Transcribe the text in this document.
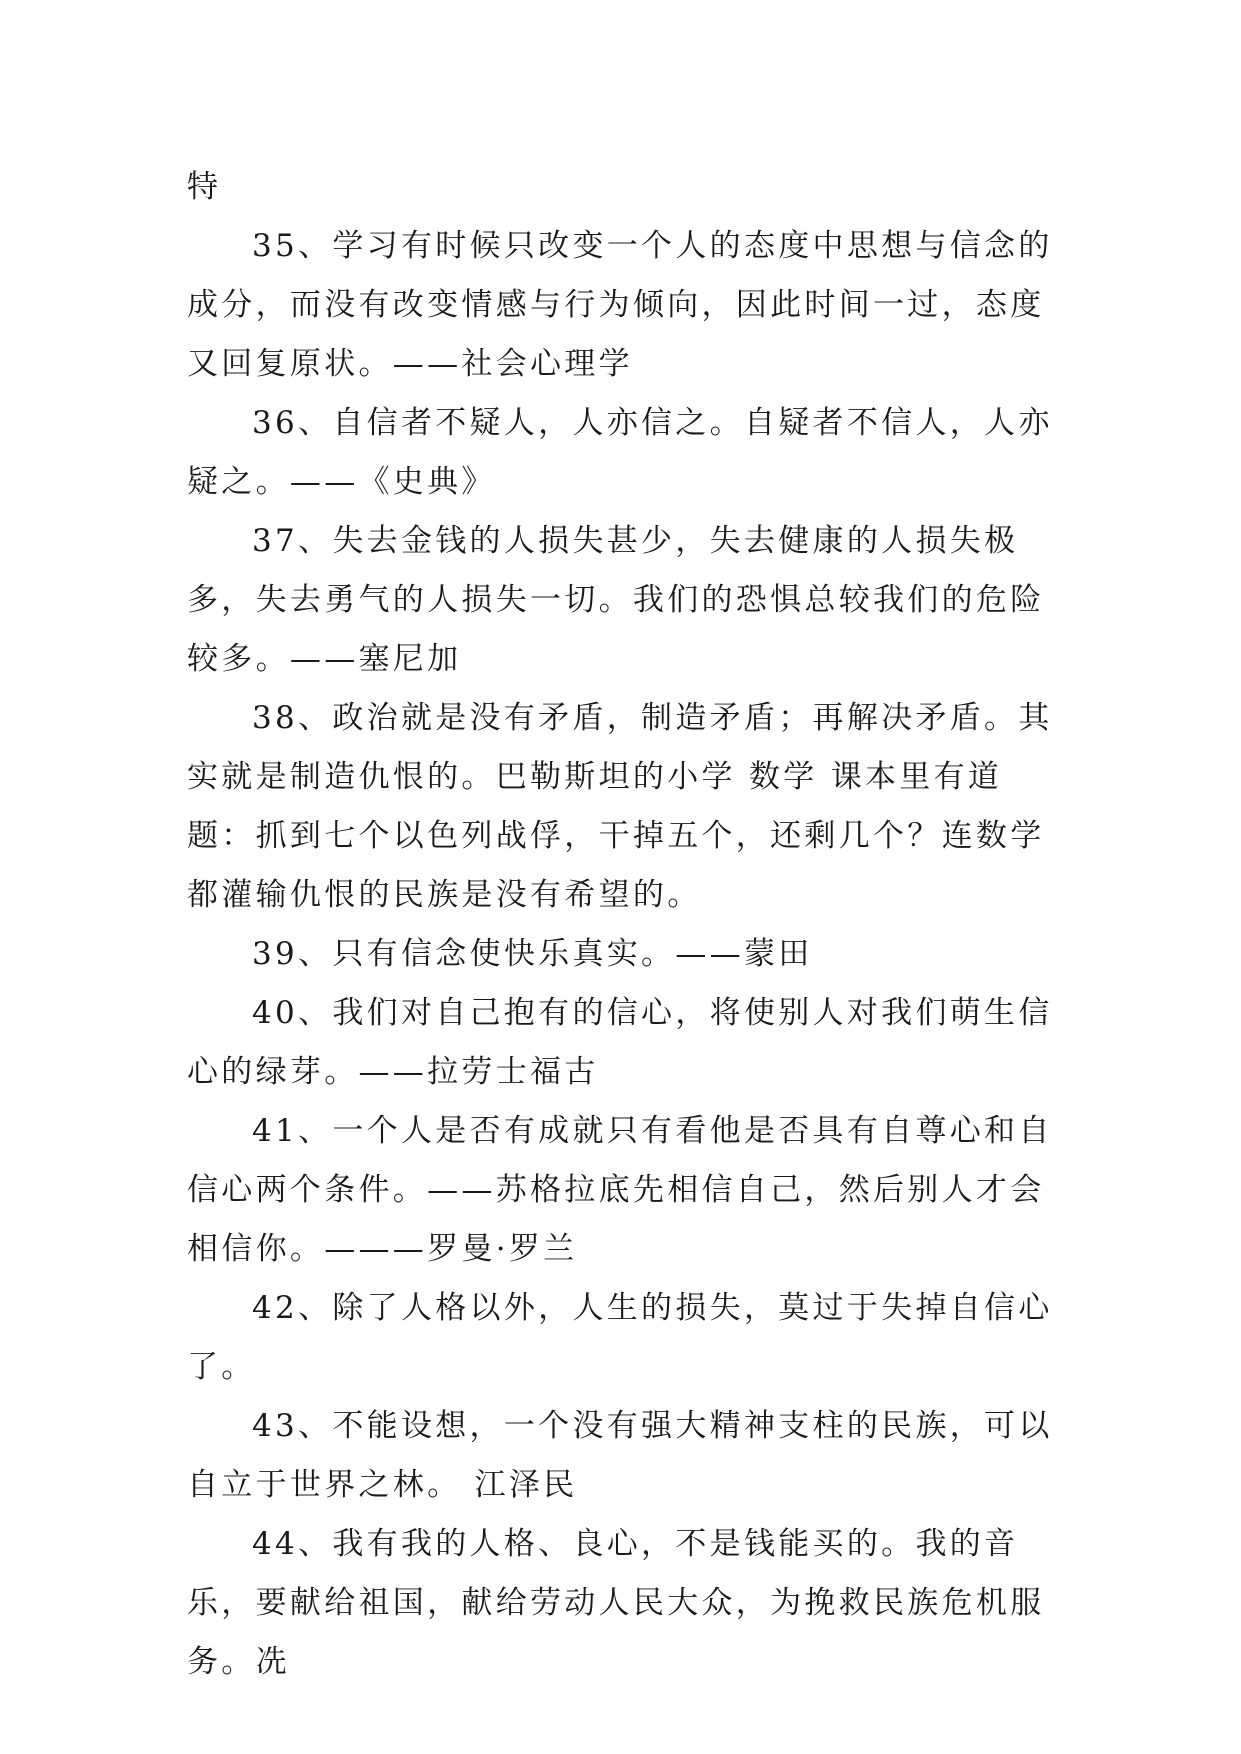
特

35、学习有时候只改变一个人的态度中思想与信念的成分，而没有改变情感与行为倾向，因此时间一过，态度又回复原状。——社会心理学

36、自信者不疑人，人亦信之。自疑者不信人，人亦疑之。——《史典》

37、失去金钱的人损失甚少，失去健康的人损失极多，失去勇气的人损失一切。我们的恐惧总较我们的危险较多。——塞尼加

38、政治就是没有矛盾，制造矛盾；再解决矛盾。其实就是制造仇恨的。巴勒斯坦的小学 数学 课本里有道题：抓到七个以色列战俘，干掉五个，还剩几个？连数学都灌输仇恨的民族是没有希望的。

39、只有信念使快乐真实。——蒙田

40、我们对自己抱有的信心，将使别人对我们萌生信心的绿芽。——拉劳士福古

41、一个人是否有成就只有看他是否具有自尊心和自信心两个条件。——苏格拉底先相信自己，然后别人才会相信你。———罗曼·罗兰

42、除了人格以外，人生的损失，莫过于失掉自信心了。

43、不能设想，一个没有强大精神支柱的民族，可以自立于世界之林。 江泽民

44、我有我的人格、良心，不是钱能买的。我的音乐，要献给祖国，献给劳动人民大众，为挽救民族危机服务。冼
